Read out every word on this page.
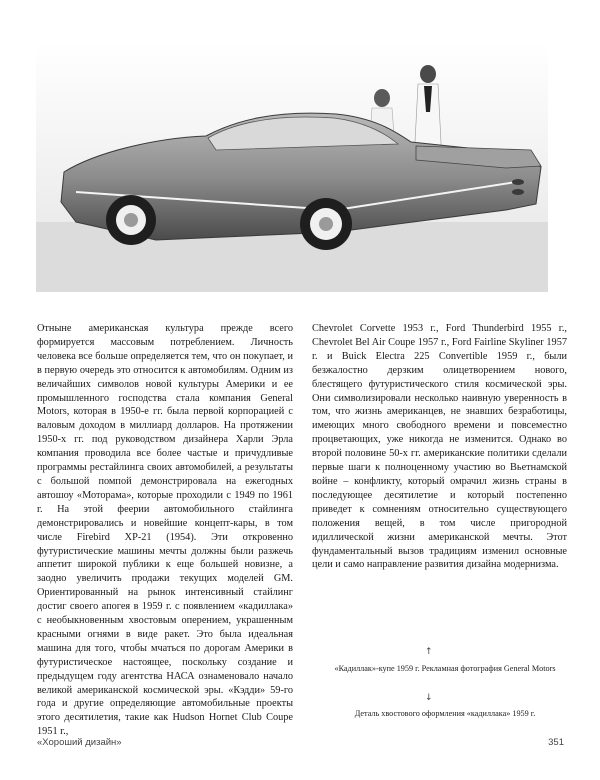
Отныне американская культура прежде всего формируется массовым потреблением. Личность человека все больше определяется тем, что он покупает, и в первую очередь это относится к автомобилям. Одним из величайших символов новой культуры Америки и ее промышленного господства стала компания General Motors, которая в 1950-е гг. была первой корпорацией с валовым доходом в миллиард долларов. На протяжении 1950-х гг. под руководством дизайнера Харли Эрла компания проводила все более частые и причудливые программы рестайлинга своих автомобилей, а результаты с большой помпой демонстрировала на ежегодных автошоу «Моторама», которые проходили с 1949 по 1961 г. На этой феерии автомобильного стайлинга демонстрировались и новейшие концепт-кары, в том числе Firebird XP-21 (1954). Эти откровенно футуристические машины мечты должны были разжечь аппетит широкой публики к еще большей новизне, а заодно увеличить продажи текущих моделей GM. Ориентированный на рынок интенсивный стайлинг достиг своего апогея в 1959 г. с появлением «кадиллака» с необыкновенным хвостовым оперением, украшенным красными огнями в виде ракет. Это была идеальная машина для того, чтобы мчаться по дорогам Америки в футуристическое настоящее, поскольку создание и предыдущем году агентства НАСА ознаменовало начало великой американской космической эры. «Кэдди» 59-го года и другие определяющие автомобильные проекты этого десятилетия, такие как Hudson Hornet Club Coupe 1951 г.,
Chevrolet Corvette 1953 г., Ford Thunderbird 1955 г., Chevrolet Bel Air Coupe 1957 г., Ford Fairline Skyliner 1957 г. и Buick Electra 225 Convertible 1959 г., были безжалостно дерзким олицетворением нового, блестящего футуристического стиля космической эры. Они символизировали несколько наивную уверенность в том, что жизнь американцев, не знавших безработицы, имеющих много свободного времени и повсеместно процветающих, уже никогда не изменится. Однако во второй половине 50-х гг. американские политики сделали первые шаги к полноценному участию во Вьетнамской войне – конфликту, который омрачил жизнь страны в последующее десятилетие и который постепенно приведет к сомнениям относительно существующего положения вещей, в том числе пригородной идиллической жизни американской мечты. Этот фундаментальный вызов традициям изменил основные цели и само направление развития дизайна модернизма.
↑
«Кадиллак»-купе 1959 г. Рекламная фотография General Motors
↓
Деталь хвостового оформления «кадиллака» 1959 г.
«Хороший дизайн»	351
